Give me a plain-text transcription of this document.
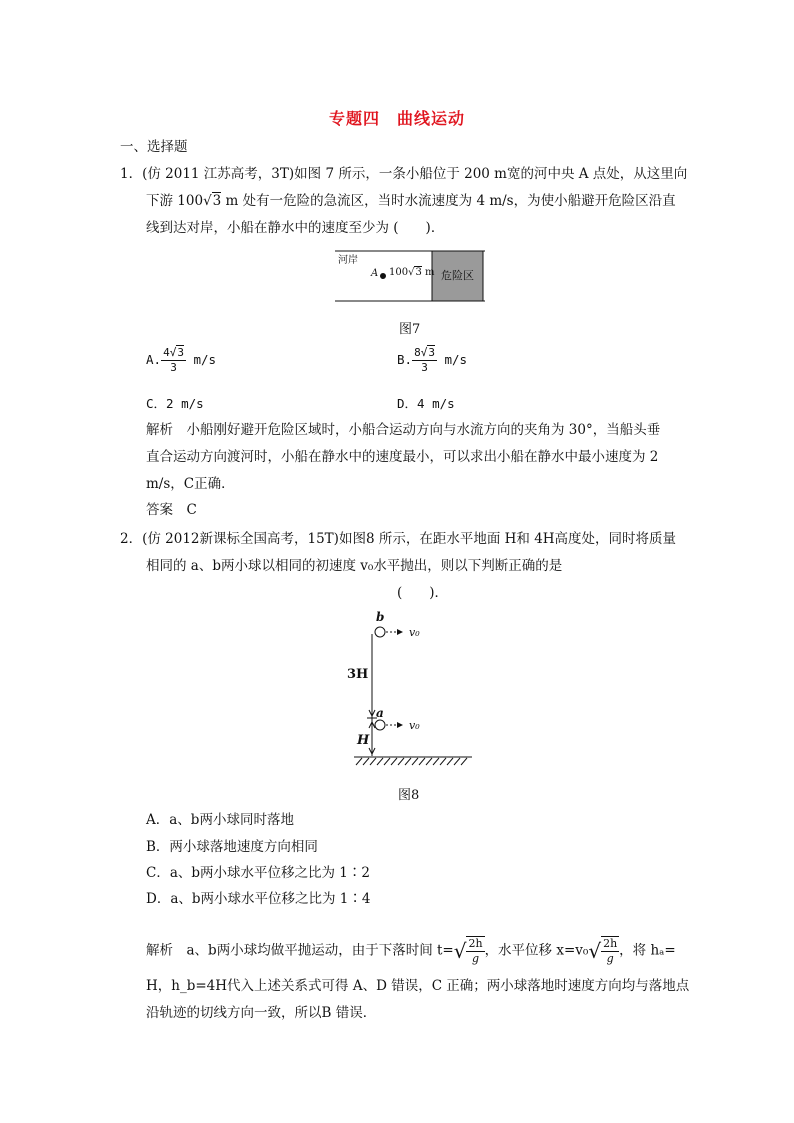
专题四　曲线运动
一、选择题
1．(仿 2011 江苏高考，3T)如图 7 所示，一条小船位于 200 m宽的河中央 A 点处，从这里向
下游 100√3 m 处有一危险的急流区，当时水流速度为 4 m/s，为使小船避开危险区沿直
线到达对岸，小船在静水中的速度至少为 (　　)．
河岸
A 100√3 m 危险区
图7
A. $\frac{4√3}{3} m/s$	B. $\frac{8√3}{3} m/s$
C．2 m/s	D．4 m/s
解析　小船刚好避开危险区域时，小船合运动方向与水流方向的夹角为 30°，当船头垂
直合运动方向渡河时，小船在静水中的速度最小，可以求出小船在静水中最小速度为 2
m/s，C正确．
答案　C
2．(仿 2012新课标全国高考，15T)如图8 所示，在距水平地面 H和 4H高度处，同时将质量
相同的 a、b两小球以相同的初速度 v₀水平抛出，则以下判断正确的是
(　　)．
b
v₀
3H
a
v₀
H
图8
A．a、b两小球同时落地
B．两小球落地速度方向相同
C．a、b两小球水平位移之比为 1∶2
D．a、b两小球水平位移之比为 1∶4
解析　a、b两小球均做平抛运动，由于下落时间 $t=√ \frac{2h}{g}$ ，水平位移 $x=v_0√ \frac{2h}{g}$ ，将 hₐ=
H，h_b=4H代入上述关系式可得 A、D 错误，C 正确；两小球落地时速度方向均与落地点
沿轨迹的切线方向一致，所以B 错误．
